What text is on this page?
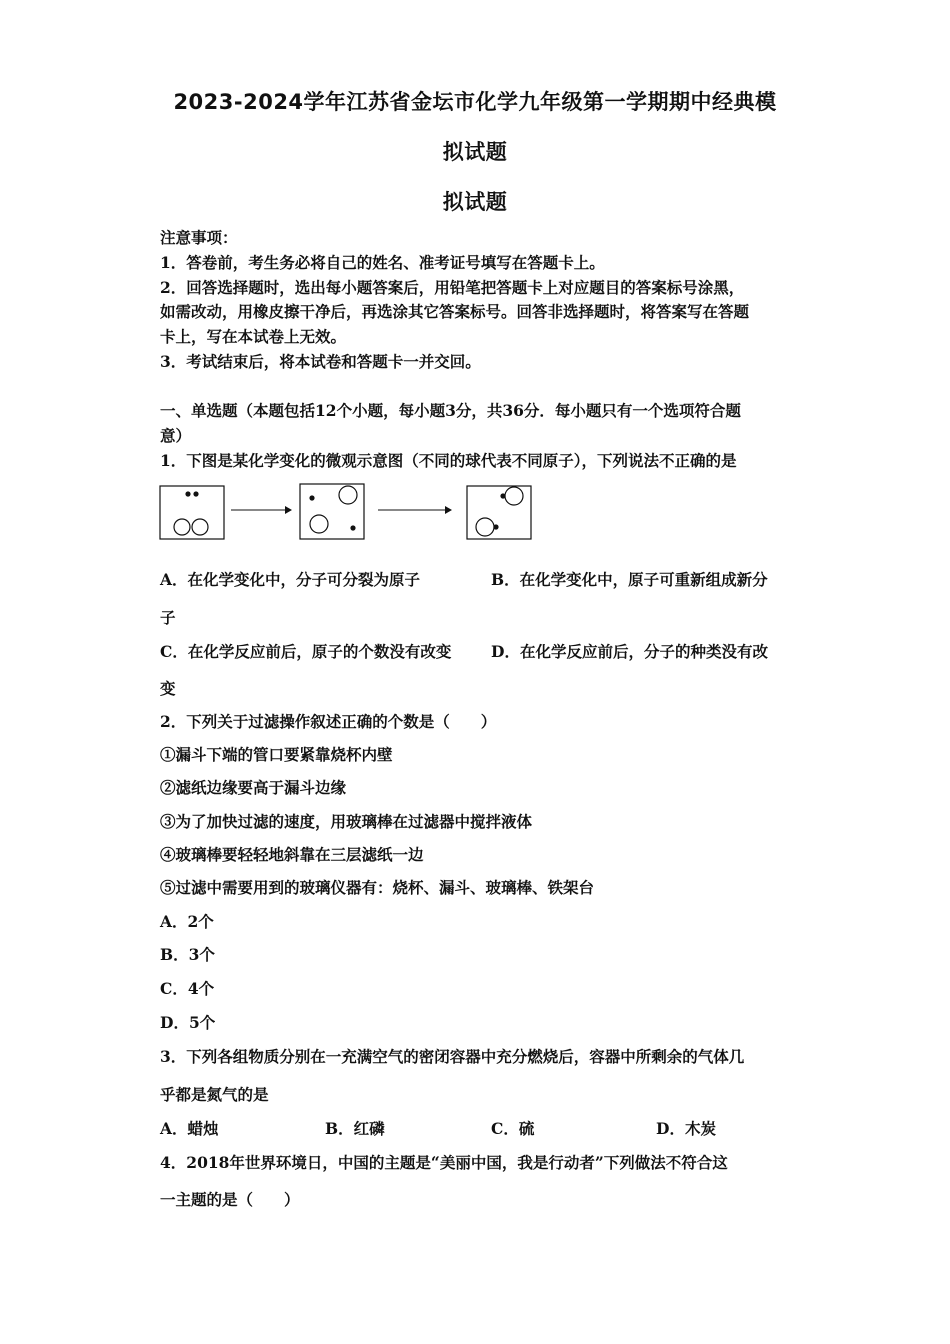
2023-2024学年江苏省金坛市化学九年级第一学期期中经典模
拟试题
拟试题
注意事项：
1．答卷前，考生务必将自己的姓名、准考证号填写在答题卡上。
2．回答选择题时，选出每小题答案后，用铅笔把答题卡上对应题目的答案标号涂黑，
如需改动，用橡皮擦干净后，再选涂其它答案标号。回答非选择题时，将答案写在答题
卡上，写在本试卷上无效。
3．考试结束后，将本试卷和答题卡一并交回。
一、单选题（本题包括12个小题，每小题3分，共36分．每小题只有一个选项符合题
意）
1．下图是某化学变化的微观示意图（不同的球代表不同原子），下列说法不正确的是
A．在化学变化中，分子可分裂为原子	B．在化学变化中，原子可重新组成新分
子
C．在化学反应前后，原子的个数没有改变	D．在化学反应前后，分子的种类没有改
变
2．下列关于过滤操作叙述正确的个数是（　　）
①漏斗下端的管口要紧靠烧杯内壁
②滤纸边缘要高于漏斗边缘
③为了加快过滤的速度，用玻璃棒在过滤器中搅拌液体
④玻璃棒要轻轻地斜靠在三层滤纸一边
⑤过滤中需要用到的玻璃仪器有：烧杯、漏斗、玻璃棒、铁架台
A．2个
B．3个
C．4个
D．5个
3．下列各组物质分别在一充满空气的密闭容器中充分燃烧后，容器中所剩余的气体几
乎都是氮气的是
A．蜡烛	B．红磷	C．硫	D．木炭
4．2018年世界环境日，中国的主题是“美丽中国，我是行动者”下列做法不符合这
一主题的是（　　）
